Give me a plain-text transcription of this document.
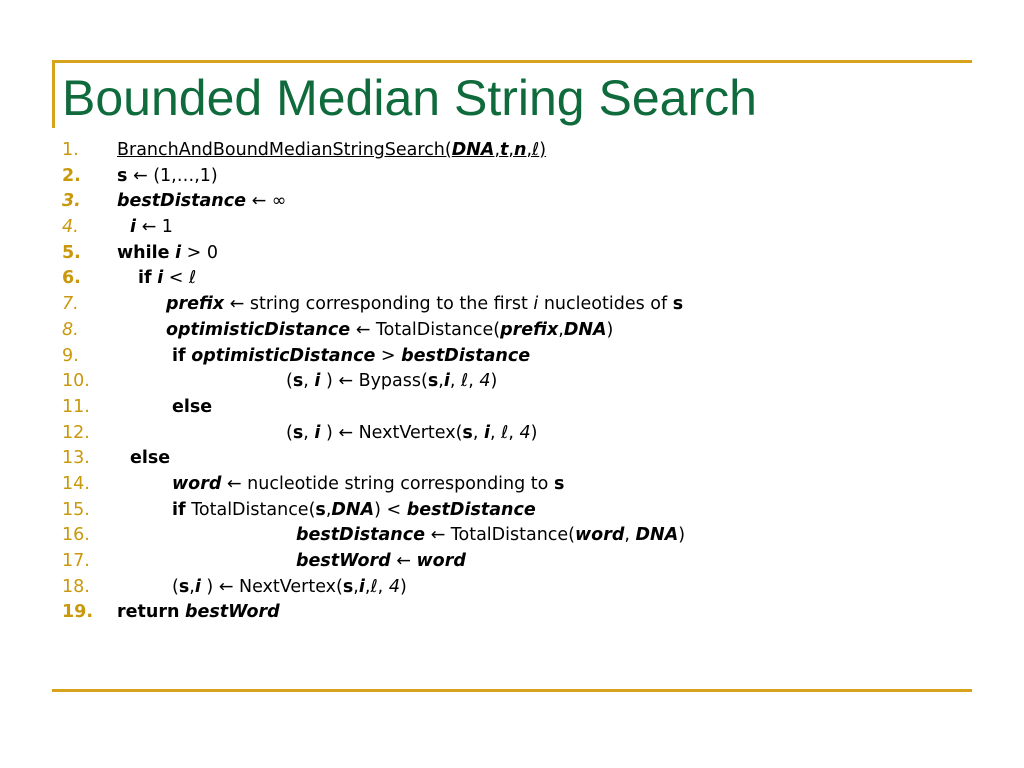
Bounded Median String Search
1. BranchAndBoundMedianStringSearch(DNA,t,n,ℓ)
2. s ← (1,…,1)
3. bestDistance ← ∞
4.	i ← 1
5. while i > 0
6.	if i < ℓ
7.	prefix ← string corresponding to the first i nucleotides of s
8.	optimisticDistance ← TotalDistance(prefix,DNA)
9.	if optimisticDistance > bestDistance
10.	(s, i ) ← Bypass(s,i, ℓ, 4)
11.	else
12.	(s, i ) ← NextVertex(s, i, ℓ, 4)
13. else
14.	word ← nucleotide string corresponding to s
15.	if TotalDistance(s,DNA) < bestDistance
16.	bestDistance ← TotalDistance(word, DNA)
17.	bestWord ← word
18.	(s,i ) ← NextVertex(s,i,ℓ, 4)
19. return bestWord
